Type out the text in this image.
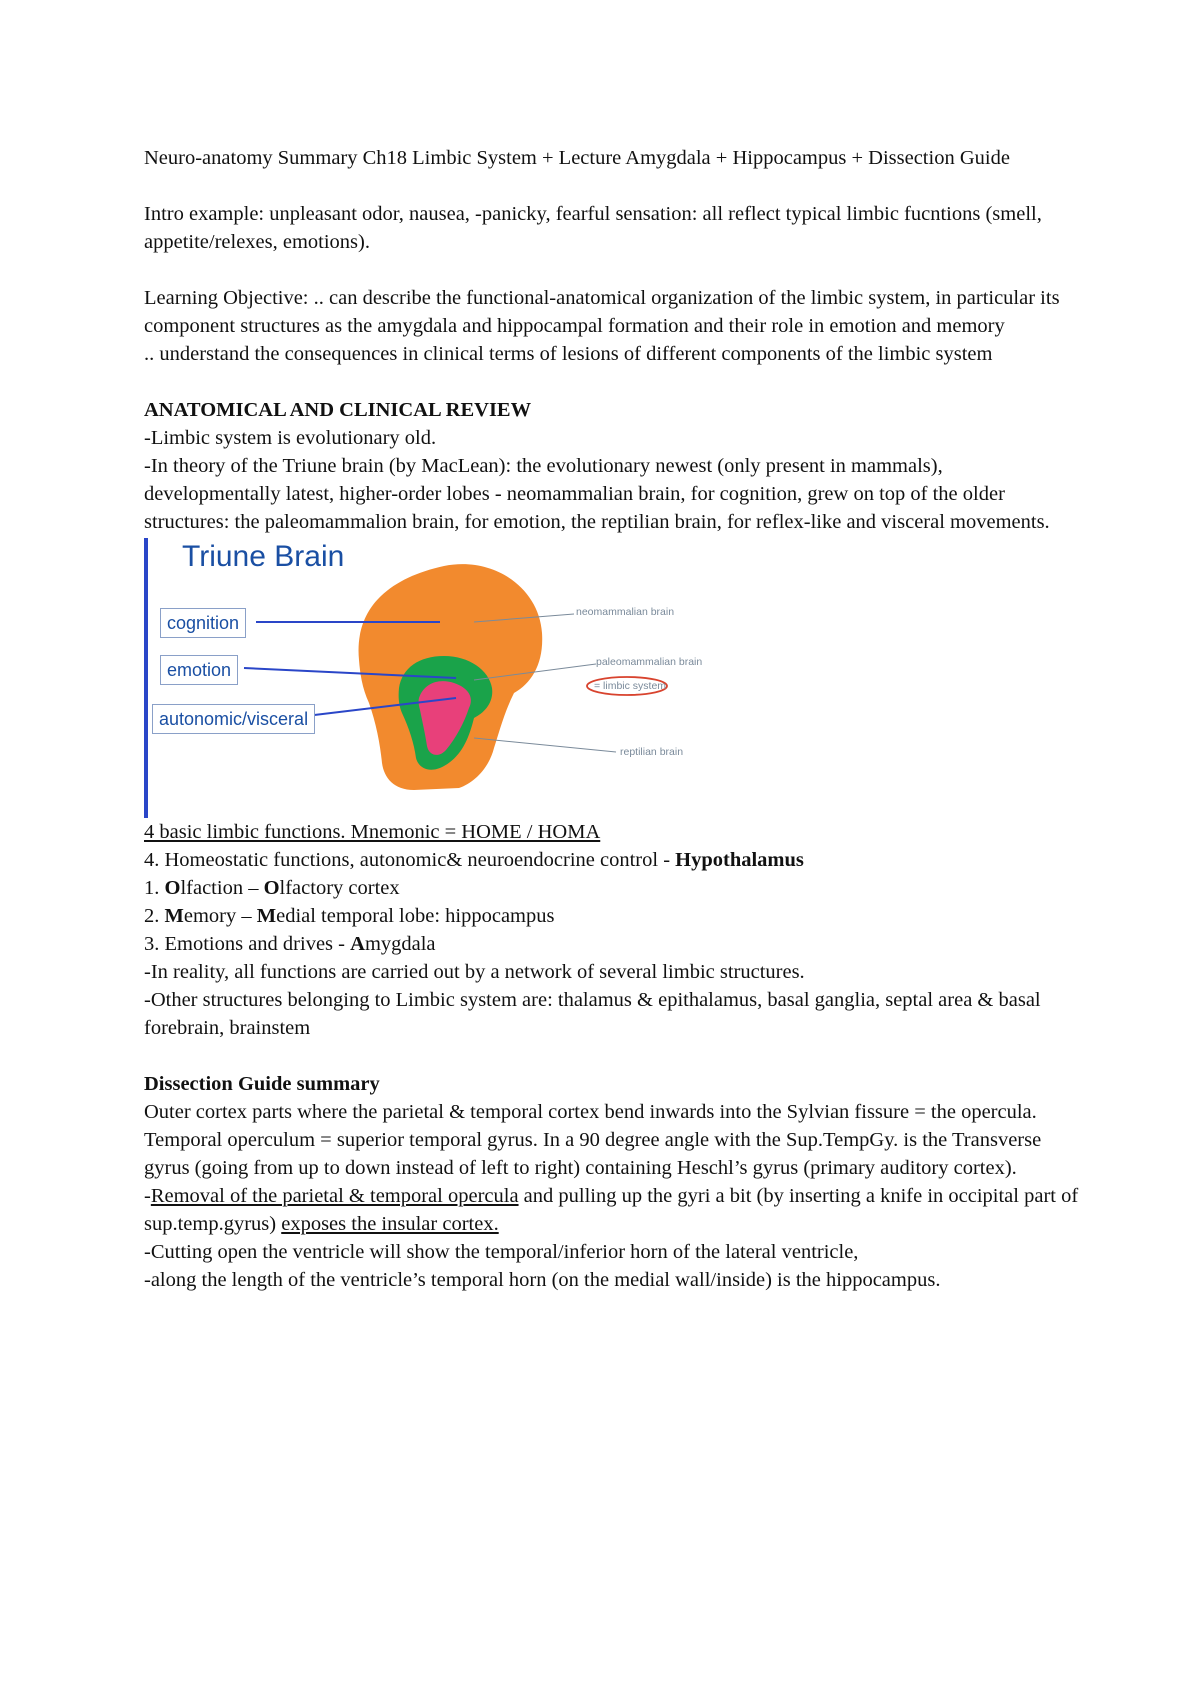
Neuro-anatomy Summary Ch18 Limbic System + Lecture Amygdala + Hippocampus + Dissection Guide

Intro example: unpleasant odor, nausea, -panicky, fearful sensation: all reflect typical limbic fucntions (smell, appetite/relexes, emotions).

Learning Objective: .. can describe the functional-anatomical organization of the limbic system, in particular its component structures as the amygdala and hippocampal formation and their role in emotion and memory

.. understand the consequences in clinical terms of lesions of different components of the limbic system

ANATOMICAL AND CLINICAL REVIEW

-Limbic system is evolutionary old.

-In theory of the Triune brain (by MacLean): the evolutionary newest (only present in mammals), developmentally latest, higher-order lobes - neomammalian brain, for cognition, grew on top of the older structures: the paleomammalion brain, for emotion, the reptilian brain, for reflex-like and visceral movements.

Triune Brain
cognition
emotion
autonomic/visceral
neomammalian brain
paleomammalian brain
= limbic system
reptilian brain

4 basic limbic functions. Mnemonic = HOME / HOMA

4. Homeostatic functions, autonomic& neuroendocrine control - Hypothalamus

1. Olfaction – Olfactory cortex

2. Memory – Medial temporal lobe: hippocampus

3. Emotions and drives - Amygdala

-In reality, all functions are carried out by a network of several limbic structures.

-Other structures belonging to Limbic system are: thalamus & epithalamus, basal ganglia, septal area & basal forebrain, brainstem

Dissection Guide summary

Outer cortex parts where the parietal & temporal cortex bend inwards into the Sylvian fissure = the opercula.

Temporal operculum = superior temporal gyrus. In a 90 degree angle with the Sup.TempGy. is the Transverse gyrus (going from up to down instead of left to right) containing Heschl’s gyrus (primary auditory cortex).

-Removal of the parietal & temporal opercula and pulling up the gyri a bit (by inserting a knife in occipital part of sup.temp.gyrus) exposes the insular cortex.

-Cutting open the ventricle will show the temporal/inferior horn of the lateral ventricle,

-along the length of the ventricle’s temporal horn (on the medial wall/inside) is the hippocampus.
